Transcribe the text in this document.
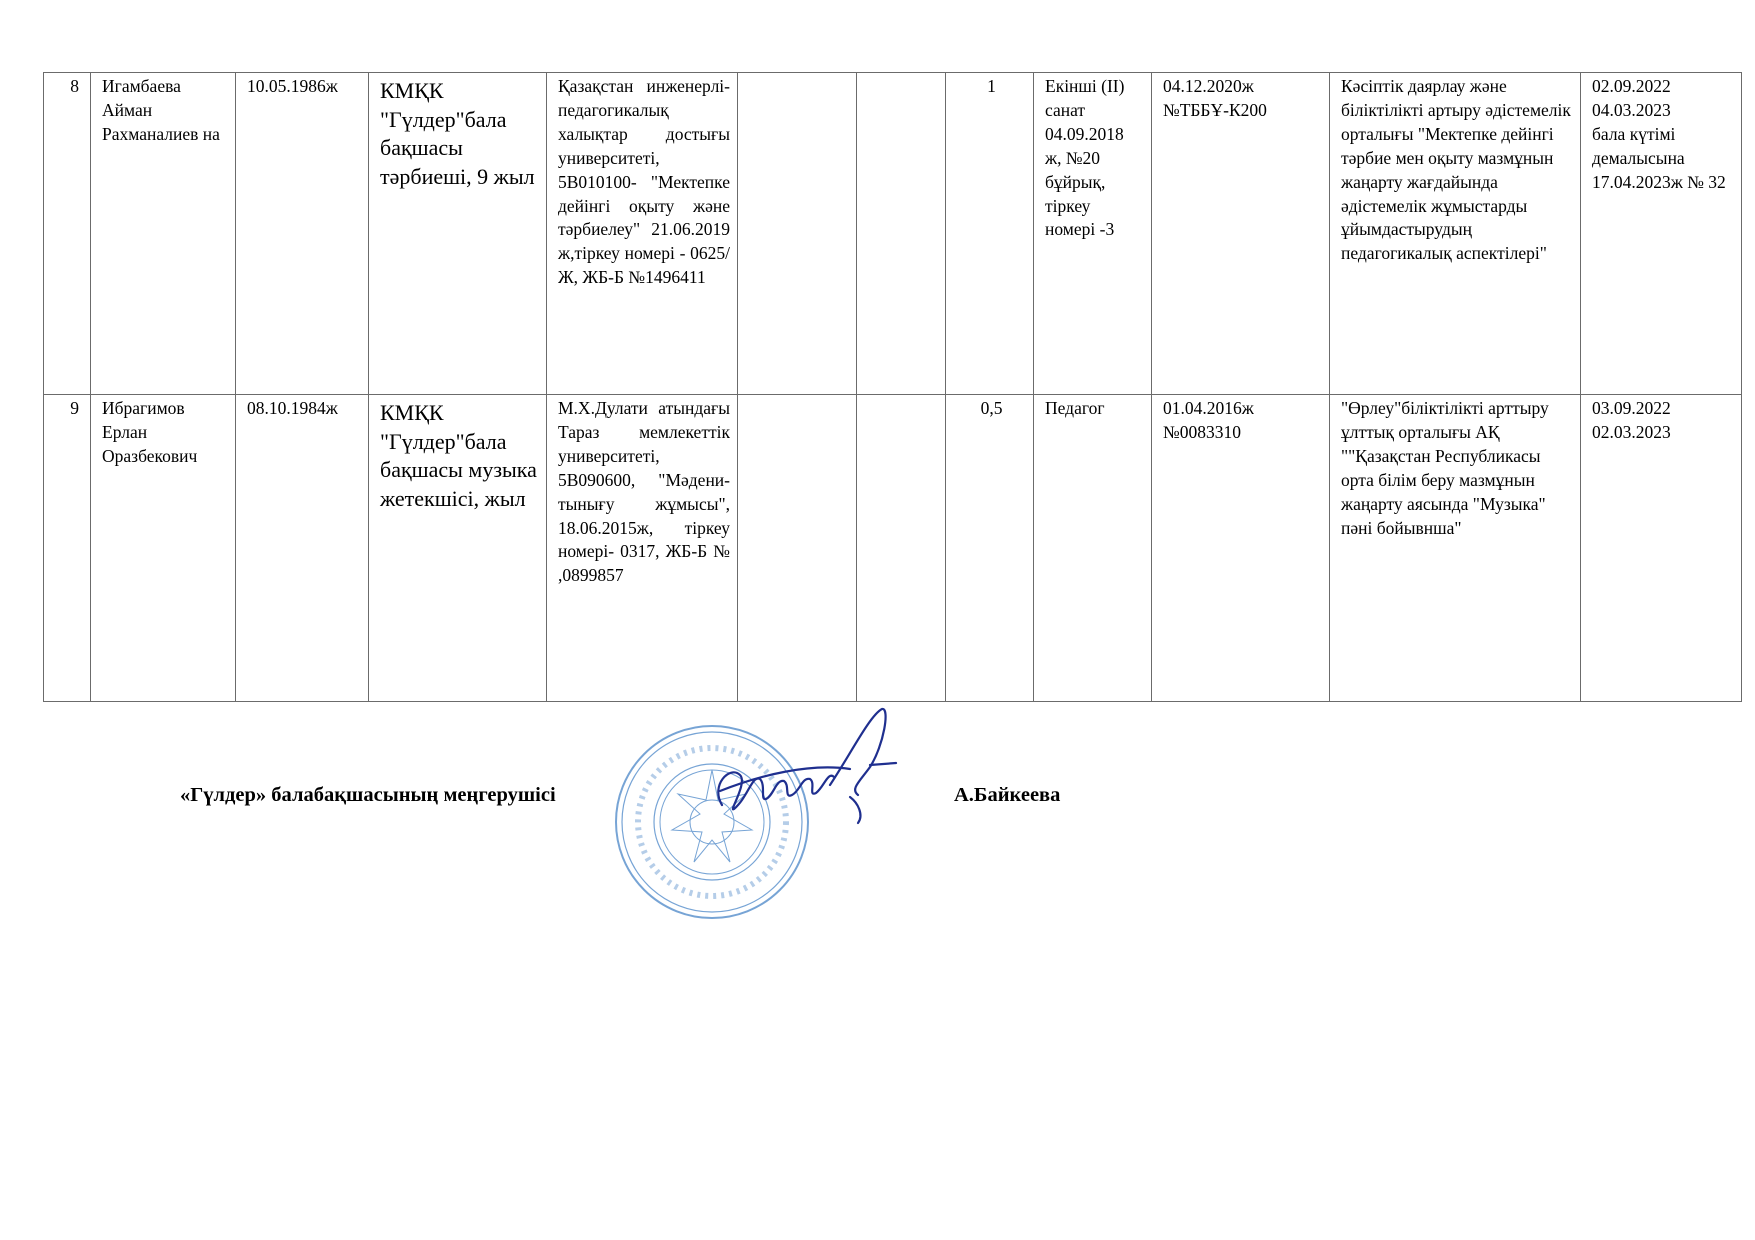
8	Игамбаева Айман Рахманалиев на	10.05.1986ж	КМҚК "Гүлдер"бала бақшасы тәрбиеші, 9 жыл	Қазақстан инженерлі-педагогикалық халықтар достығы университеті, 5В010100- "Мектепке дейінгі оқыту және тәрбиелеу" 21.06.2019 ж,тіркеу номері - 0625/Ж, ЖБ-Б №1496411			1	Екінші (ІІ) санат 04.09.2018 ж, №20 бұйрық, тіркеу номері -3	04.12.2020ж №ТББҰ-К200	Кәсіптік даярлау және біліктілікті артыру әдістемелік орталығы "Мектепке дейінгі тәрбие мен оқыту мазмұнын жаңарту жағдайында әдістемелік жұмыстарды ұйымдастырудың педагогикалық аспектілері"	02.09.2022
04.03.2023
бала күтімі демалысына 17.04.2023ж № 32
9	Ибрагимов Ерлан Оразбекович	08.10.1984ж	КМҚК "Гүлдер"бала бақшасы музыка жетекшісі, жыл	М.Х.Дулати атындағы Тараз мемлекеттік университеті, 5В090600, "Мәдени-тынығу жұмысы", 18.06.2015ж, тіркеу номері- 0317, ЖБ-Б № ,0899857			0,5	Педагог	01.04.2016ж №0083310	"Өрлеу"біліктілікті арттыру ұлттық орталығы АҚ ""Қазақстан Республикасы орта білім беру мазмұнын жаңарту аясында "Музыка" пәні бойывнша"	03.09.2022
02.03.2023
«Гүлдер» балабақшасының меңгерушісі	А.Байкеева
